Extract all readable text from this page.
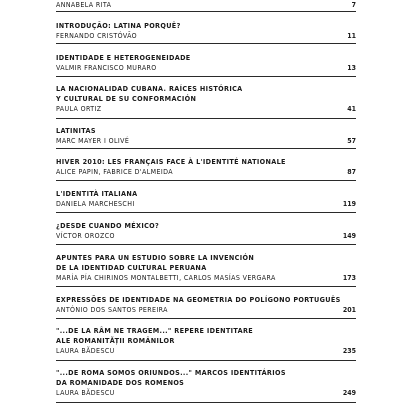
ANNABELA RITA	7
INTRODUÇÃO: LATINA PORQUÊ?
FERNANDO CRISTÓVÃO	11
IDENTIDADE E HETEROGENEIDADE
VALMIR FRANCISCO MURARO	13
LA NACIONALIDAD CUBANA. RAÍCES HISTÓRICA
Y CULTURAL DE SU CONFORMACIÓN
PAULA ORTIZ	41
LATINITAS
MARC MAYER I OLIVÉ	57
HIVER 2010: LES FRANÇAIS FACE À L'IDENTITÉ NATIONALE
ALICE PAPIN, FABRICE D'ALMEIDA	87
L'IDENTITÀ ITALIANA
DANIELA MARCHESCHI	119
¿DESDE CUANDO MÉXICO?
VÍCTOR OROZCO	149
APUNTES PARA UN ESTUDIO SOBRE LA INVENCIÓN
DE LA IDENTIDAD CULTURAL PERUANA
MARÍA PÍA CHIRINOS MONTALBETTI, CARLOS MASÍAS VERGARA	173
EXPRESSÕES DE IDENTIDADE NA GEOMETRIA DO POLÍGONO PORTUGUÊS
ANTÓNIO DOS SANTOS PEREIRA	201
"...DE LA RÂM NE TRAGEM..." REPERE IDENTITARE
ALE ROMANITĂȚII ROMÂNILOR
LAURA BĂDESCU	235
"...DE ROMA SOMOS ORIUNDOS..." MARCOS IDENTITÁRIOS
DA ROMANIDADE DOS ROMENOS
LAURA BĂDESCU	249
